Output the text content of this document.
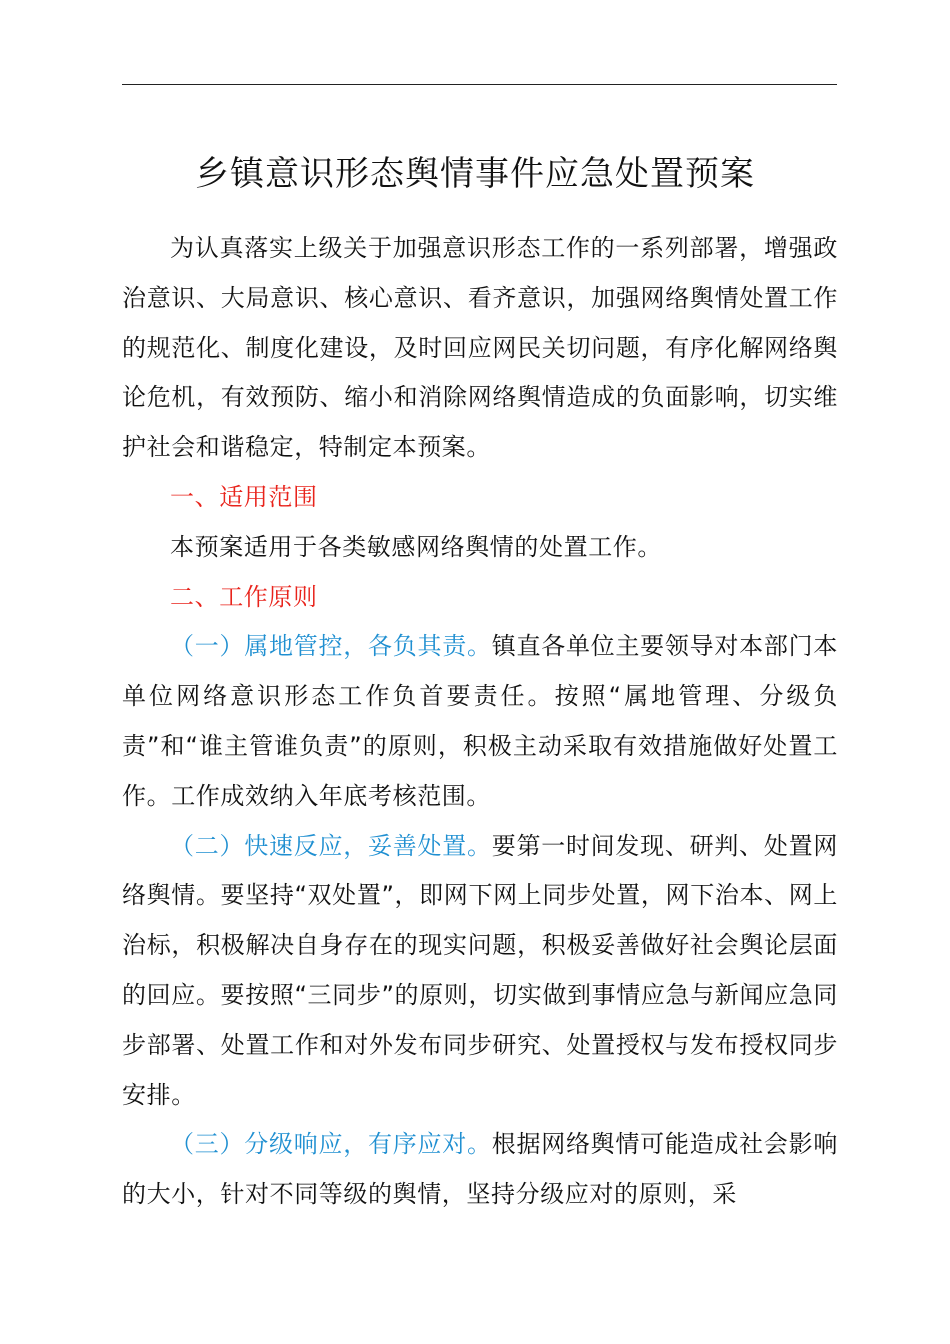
乡镇意识形态舆情事件应急处置预案

为认真落实上级关于加强意识形态工作的一系列部署，增强政治意识、大局意识、核心意识、看齐意识，加强网络舆情处置工作的规范化、制度化建设，及时回应网民关切问题，有序化解网络舆论危机，有效预防、缩小和消除网络舆情造成的负面影响，切实维护社会和谐稳定，特制定本预案。

一、适用范围

本预案适用于各类敏感网络舆情的处置工作。

二、工作原则

（一）属地管控，各负其责。镇直各单位主要领导对本部门本单位网络意识形态工作负首要责任。按照“属地管理、分级负责”和“谁主管谁负责”的原则，积极主动采取有效措施做好处置工作。工作成效纳入年底考核范围。

（二）快速反应，妥善处置。要第一时间发现、研判、处置网络舆情。要坚持“双处置”，即网下网上同步处置，网下治本、网上治标，积极解决自身存在的现实问题，积极妥善做好社会舆论层面的回应。要按照“三同步”的原则，切实做到事情应急与新闻应急同步部署、处置工作和对外发布同步研究、处置授权与发布授权同步安排。

（三）分级响应，有序应对。根据网络舆情可能造成社会影响的大小，针对不同等级的舆情，坚持分级应对的原则，采
